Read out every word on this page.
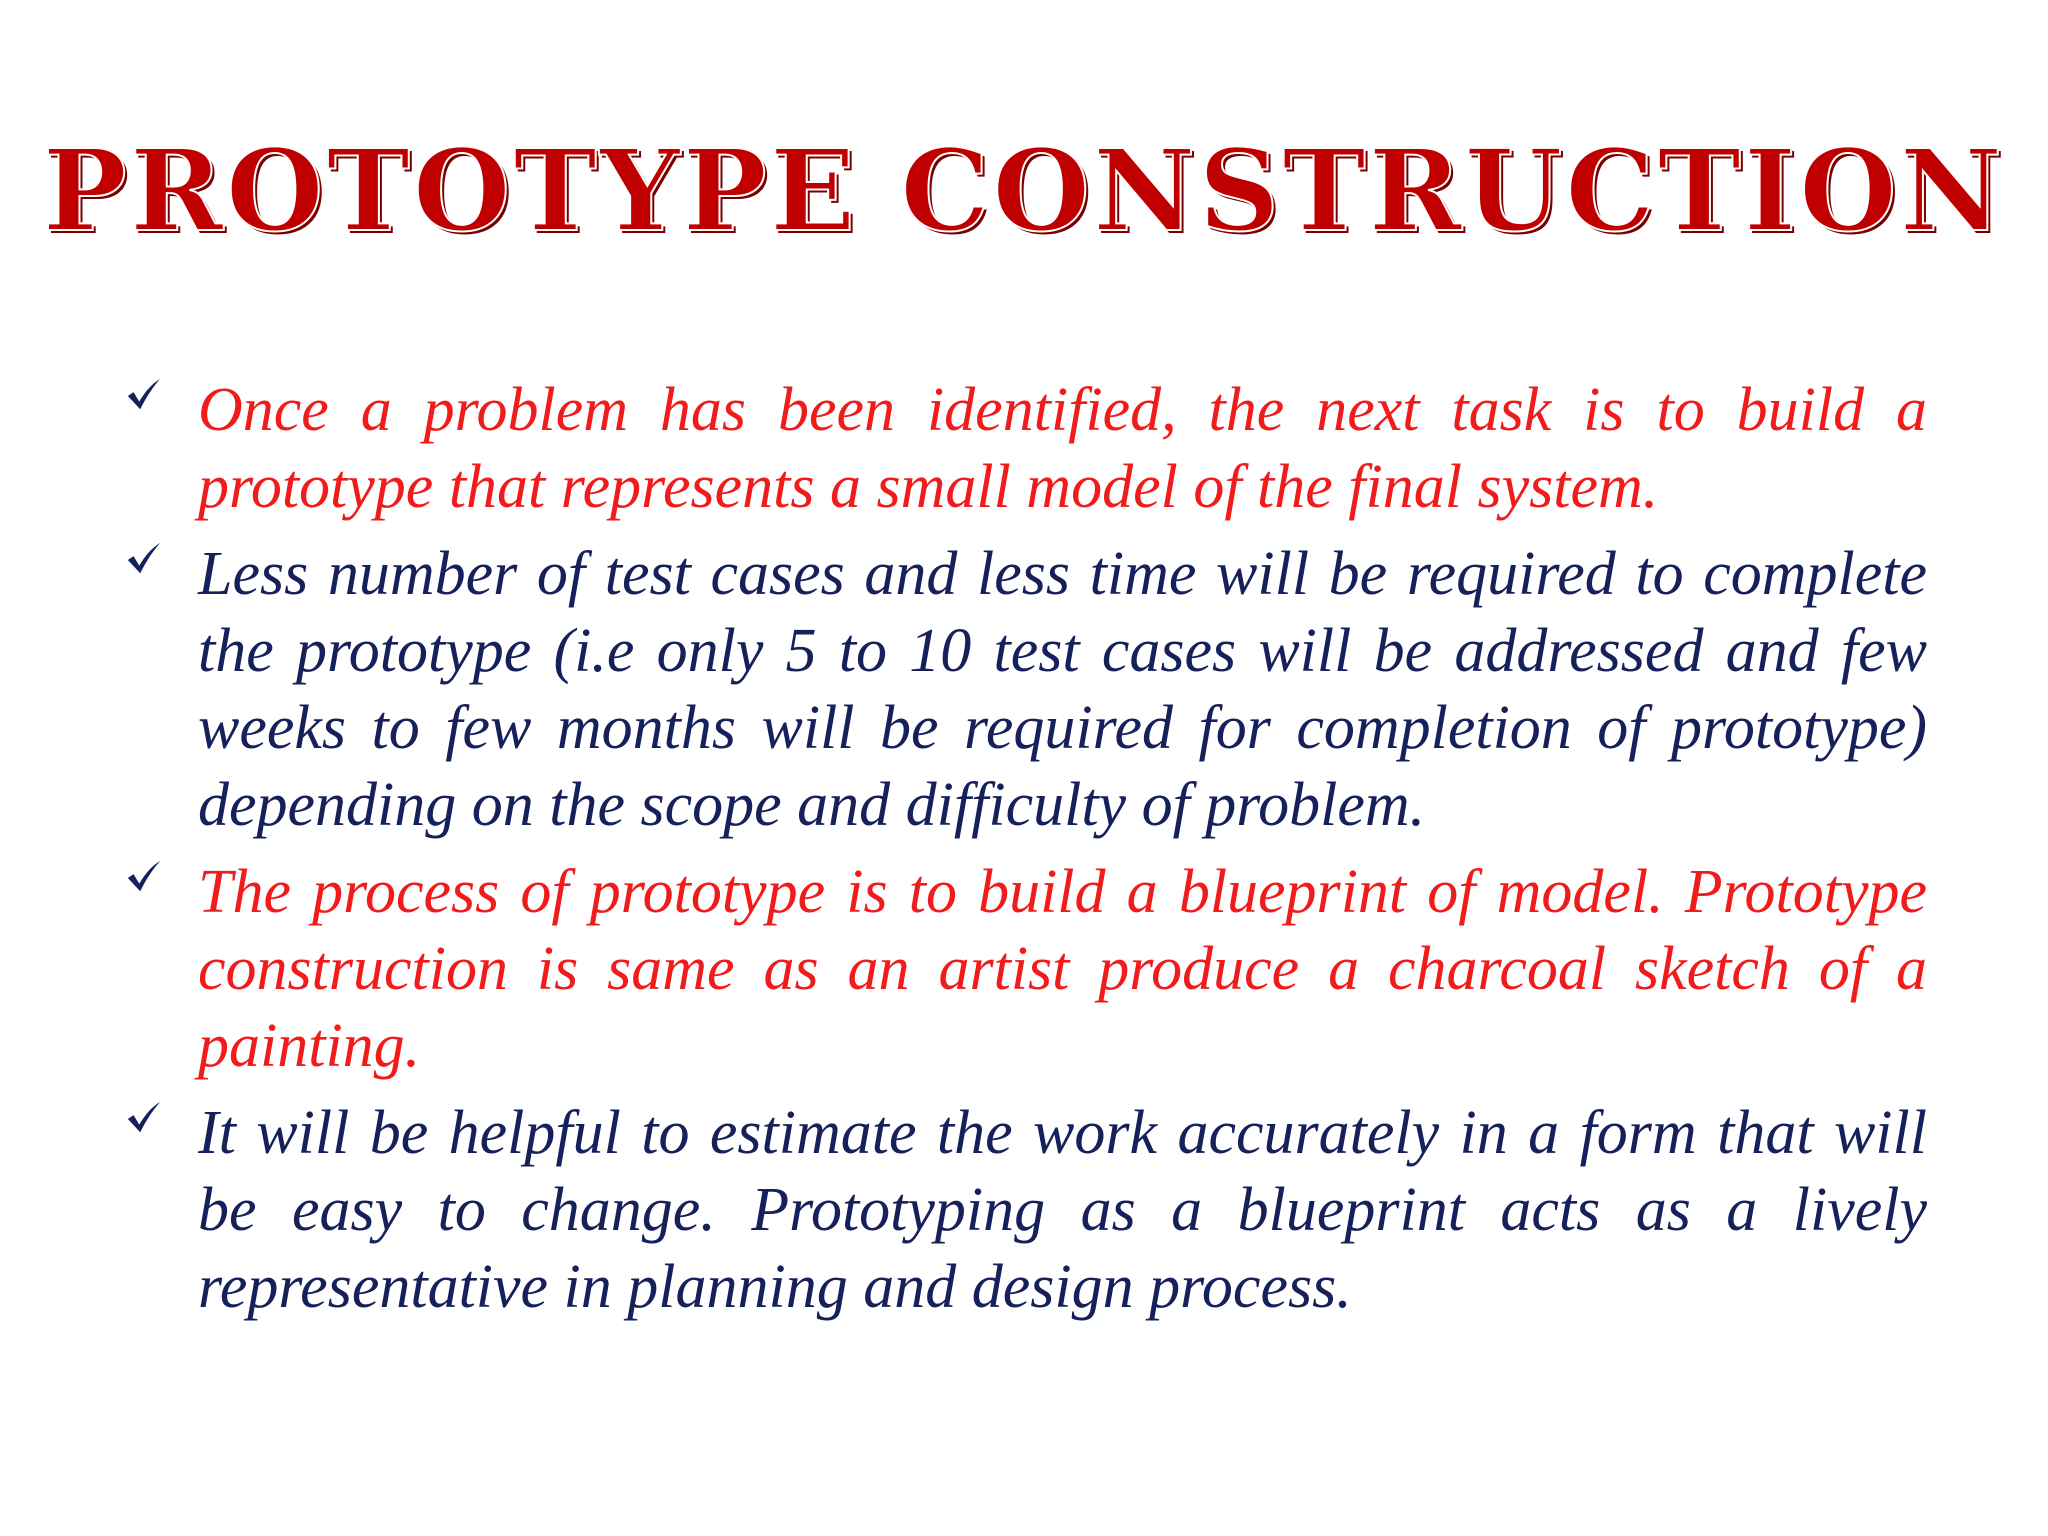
PROTOTYPE CONSTRUCTION
Once a problem has been identified, the next task is to build a prototype that represents a small model of the final system.
Less number of test cases and less time will be required to complete the prototype (i.e only 5 to 10 test cases will be addressed and few weeks to few months will be required for completion of prototype) depending on the scope and difficulty of problem.
The process of prototype is to build a blueprint of model. Prototype construction is same as an artist produce a charcoal sketch of a painting.
It will be helpful to estimate the work accurately in a form that will be easy to change. Prototyping as a blueprint acts as a lively representative in planning and design process.
